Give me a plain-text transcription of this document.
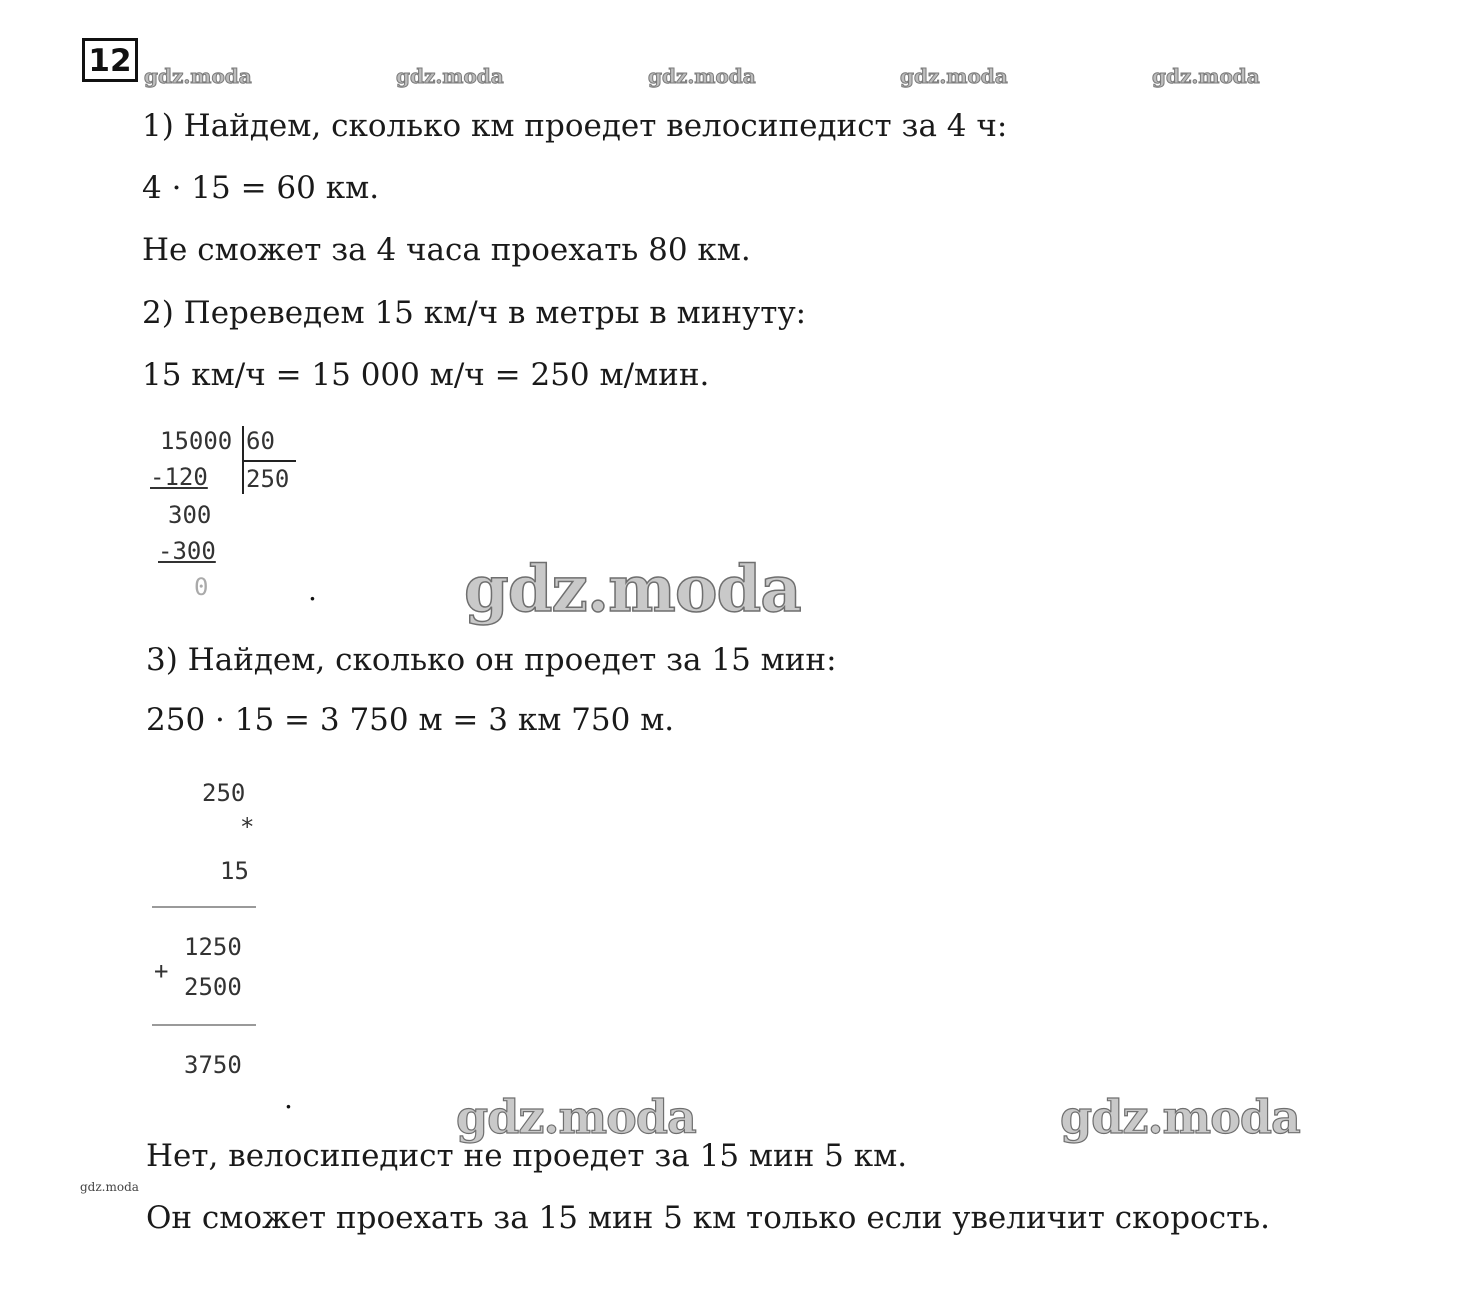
12 gdz.moda	gdz.moda	gdz.moda	gdz.moda	gdz.moda
1) Найдем, сколько км проедет велосипедист за 4 ч:
4 · 15 = 60 км.
Не сможет за 4 часа проехать 80 км.
2) Переведем 15 км/ч в метры в минуту:
15 км/ч = 15 000 м/ч = 250 м/мин.
15000 60
250
-120
300
-300
0	. gdz.moda
3) Найдем, сколько он проедет за 15 мин:
250 · 15 = 3 750 м = 3 км 750 м.
250
*
15
1250
+
2500
3750
.	gdz.moda	gdz.moda
Нет, велосипедист не проедет за 15 мин 5 км.
gdz.moda
Он сможет проехать за 15 мин 5 км только если увеличит скорость.
